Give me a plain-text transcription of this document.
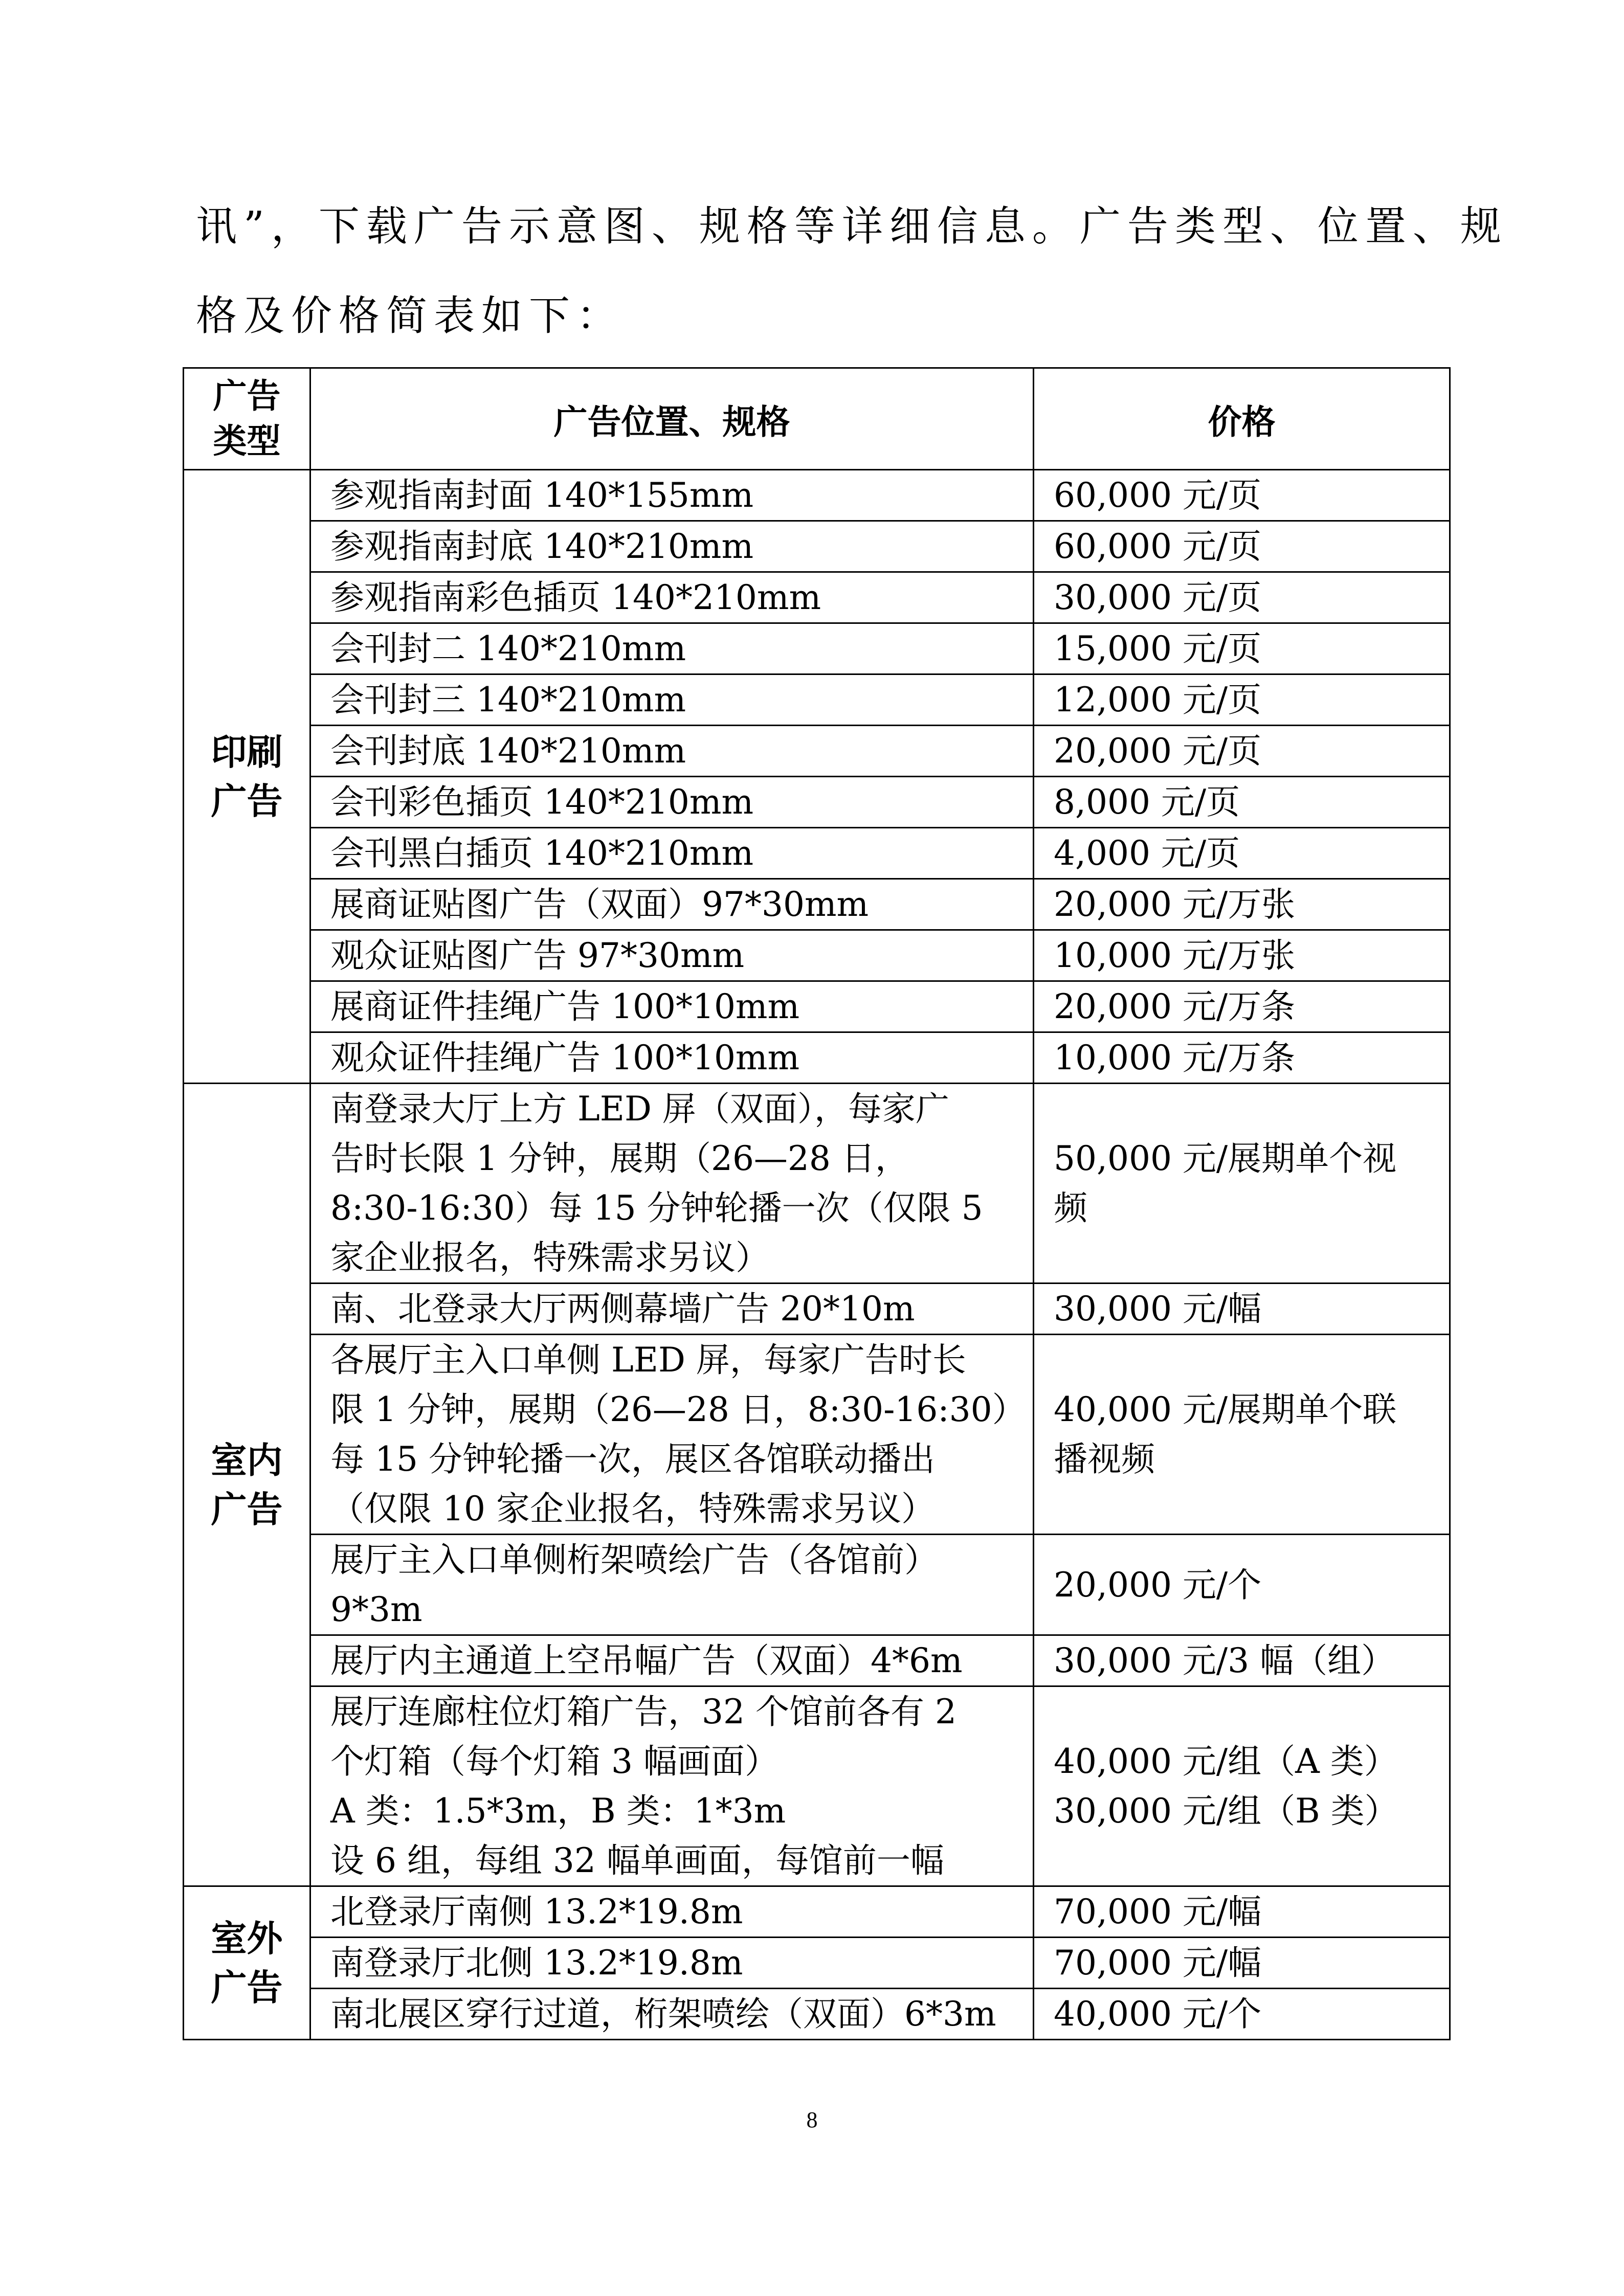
讯”，下载广告示意图、规格等详细信息。广告类型、位置、规
格及价格简表如下：

广告
类型	广告位置、规格	价格
印刷
广告	参观指南封面 140*155mm	60,000 元/页
	参观指南封底 140*210mm	60,000 元/页
	参观指南彩色插页 140*210mm	30,000 元/页
	会刊封二 140*210mm	15,000 元/页
	会刊封三 140*210mm	12,000 元/页
	会刊封底 140*210mm	20,000 元/页
	会刊彩色插页 140*210mm	8,000 元/页
	会刊黑白插页 140*210mm	4,000 元/页
	展商证贴图广告（双面）97*30mm	20,000 元/万张
	观众证贴图广告 97*30mm	10,000 元/万张
	展商证件挂绳广告 100*10mm	20,000 元/万条
	观众证件挂绳广告 100*10mm	10,000 元/万条
室内
广告	南登录大厅上方 LED 屏（双面），每家广
告时长限 1 分钟，展期（26—28 日，
8:30-16:30）每 15 分钟轮播一次（仅限 5
家企业报名，特殊需求另议）	50,000 元/展期单个视
频
	南、北登录大厅两侧幕墙广告 20*10m	30,000 元/幅
	各展厅主入口单侧 LED 屏，每家广告时长
限 1 分钟，展期（26—28 日，8:30-16:30）
每 15 分钟轮播一次，展区各馆联动播出
（仅限 10 家企业报名，特殊需求另议）	40,000 元/展期单个联
播视频
	展厅主入口单侧桁架喷绘广告（各馆前）
9*3m	20,000 元/个
	展厅内主通道上空吊幅广告（双面）4*6m	30,000 元/3 幅（组）
	展厅连廊柱位灯箱广告，32 个馆前各有 2
个灯箱（每个灯箱 3 幅画面）
A 类：1.5*3m，B 类：1*3m
设 6 组，每组 32 幅单画面，每馆前一幅	40,000 元/组（A 类）
30,000 元/组（B 类）
室外
广告	北登录厅南侧 13.2*19.8m	70,000 元/幅
	南登录厅北侧 13.2*19.8m	70,000 元/幅
	南北展区穿行过道，桁架喷绘（双面）6*3m	40,000 元/个
8
